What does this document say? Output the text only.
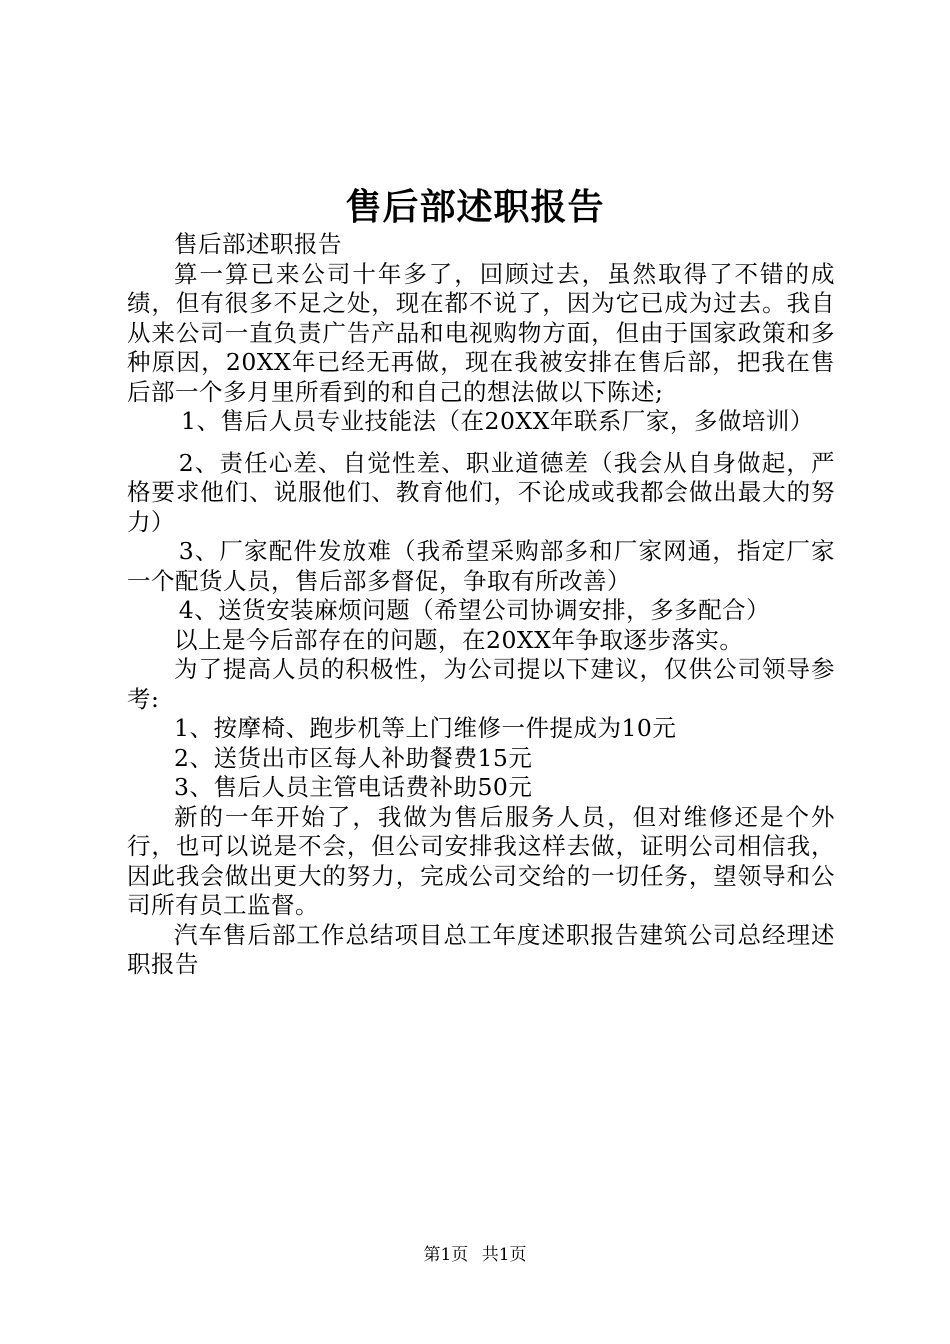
售后部述职报告

售后部述职报告

算一算已来公司十年多了，回顾过去，虽然取得了不错的成绩，但有很多不足之处，现在都不说了，因为它已成为过去。我自从来公司一直负责广告产品和电视购物方面，但由于国家政策和多种原因，20XX年已经无再做，现在我被安排在售后部，把我在售后部一个多月里所看到的和自己的想法做以下陈述;

1、售后人员专业技能法（在20XX年联系厂家，多做培训）

2、责任心差、自觉性差、职业道德差（我会从自身做起，严格要求他们、说服他们、教育他们，不论成或我都会做出最大的努力）

3、厂家配件发放难（我希望采购部多和厂家网通，指定厂家一个配货人员，售后部多督促，争取有所改善）

4、送货安装麻烦问题（希望公司协调安排，多多配合）

以上是今后部存在的问题，在20XX年争取逐步落实。

为了提高人员的积极性，为公司提以下建议，仅供公司领导参考:

1、按摩椅、跑步机等上门维修一件提成为10元

2、送货出市区每人补助餐费15元

3、售后人员主管电话费补助50元

新的一年开始了，我做为售后服务人员，但对维修还是个外行，也可以说是不会，但公司安排我这样去做，证明公司相信我，因此我会做出更大的努力，完成公司交给的一切任务，望领导和公司所有员工监督。

汽车售后部工作总结项目总工年度述职报告建筑公司总经理述职报告

第1页 共1页
